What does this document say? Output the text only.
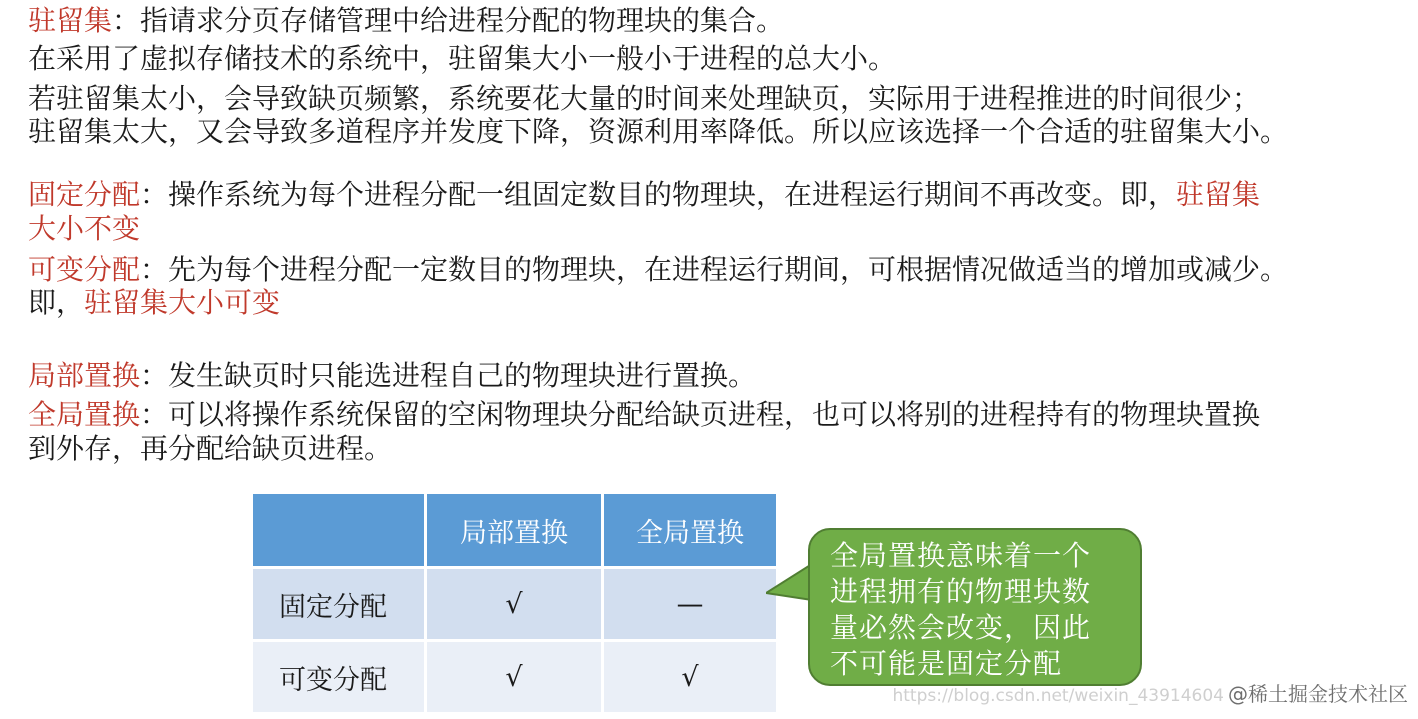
驻留集：指请求分页存储管理中给进程分配的物理块的集合。

在采用了虚拟存储技术的系统中，驻留集大小一般小于进程的总大小。

若驻留集太小，会导致缺页频繁，系统要花大量的时间来处理缺页，实际用于进程推进的时间很少；

驻留集太大，又会导致多道程序并发度下降，资源利用率降低。所以应该选择一个合适的驻留集大小。

固定分配：操作系统为每个进程分配一组固定数目的物理块，在进程运行期间不再改变。即，驻留集

大小不变

可变分配：先为每个进程分配一定数目的物理块，在进程运行期间，可根据情况做适当的增加或减少。

即，驻留集大小可变

局部置换：发生缺页时只能选进程自己的物理块进行置换。

全局置换：可以将操作系统保留的空闲物理块分配给缺页进程，也可以将别的进程持有的物理块置换

到外存，再分配给缺页进程。

	局部置换	全局置换
固定分配	√	—
可变分配	√	√
全局置换意味着一个
进程拥有的物理块数
量必然会改变，因此
不可能是固定分配
https://blog.csdn.net/weixin_43914604 @稀土掘金技术社区
